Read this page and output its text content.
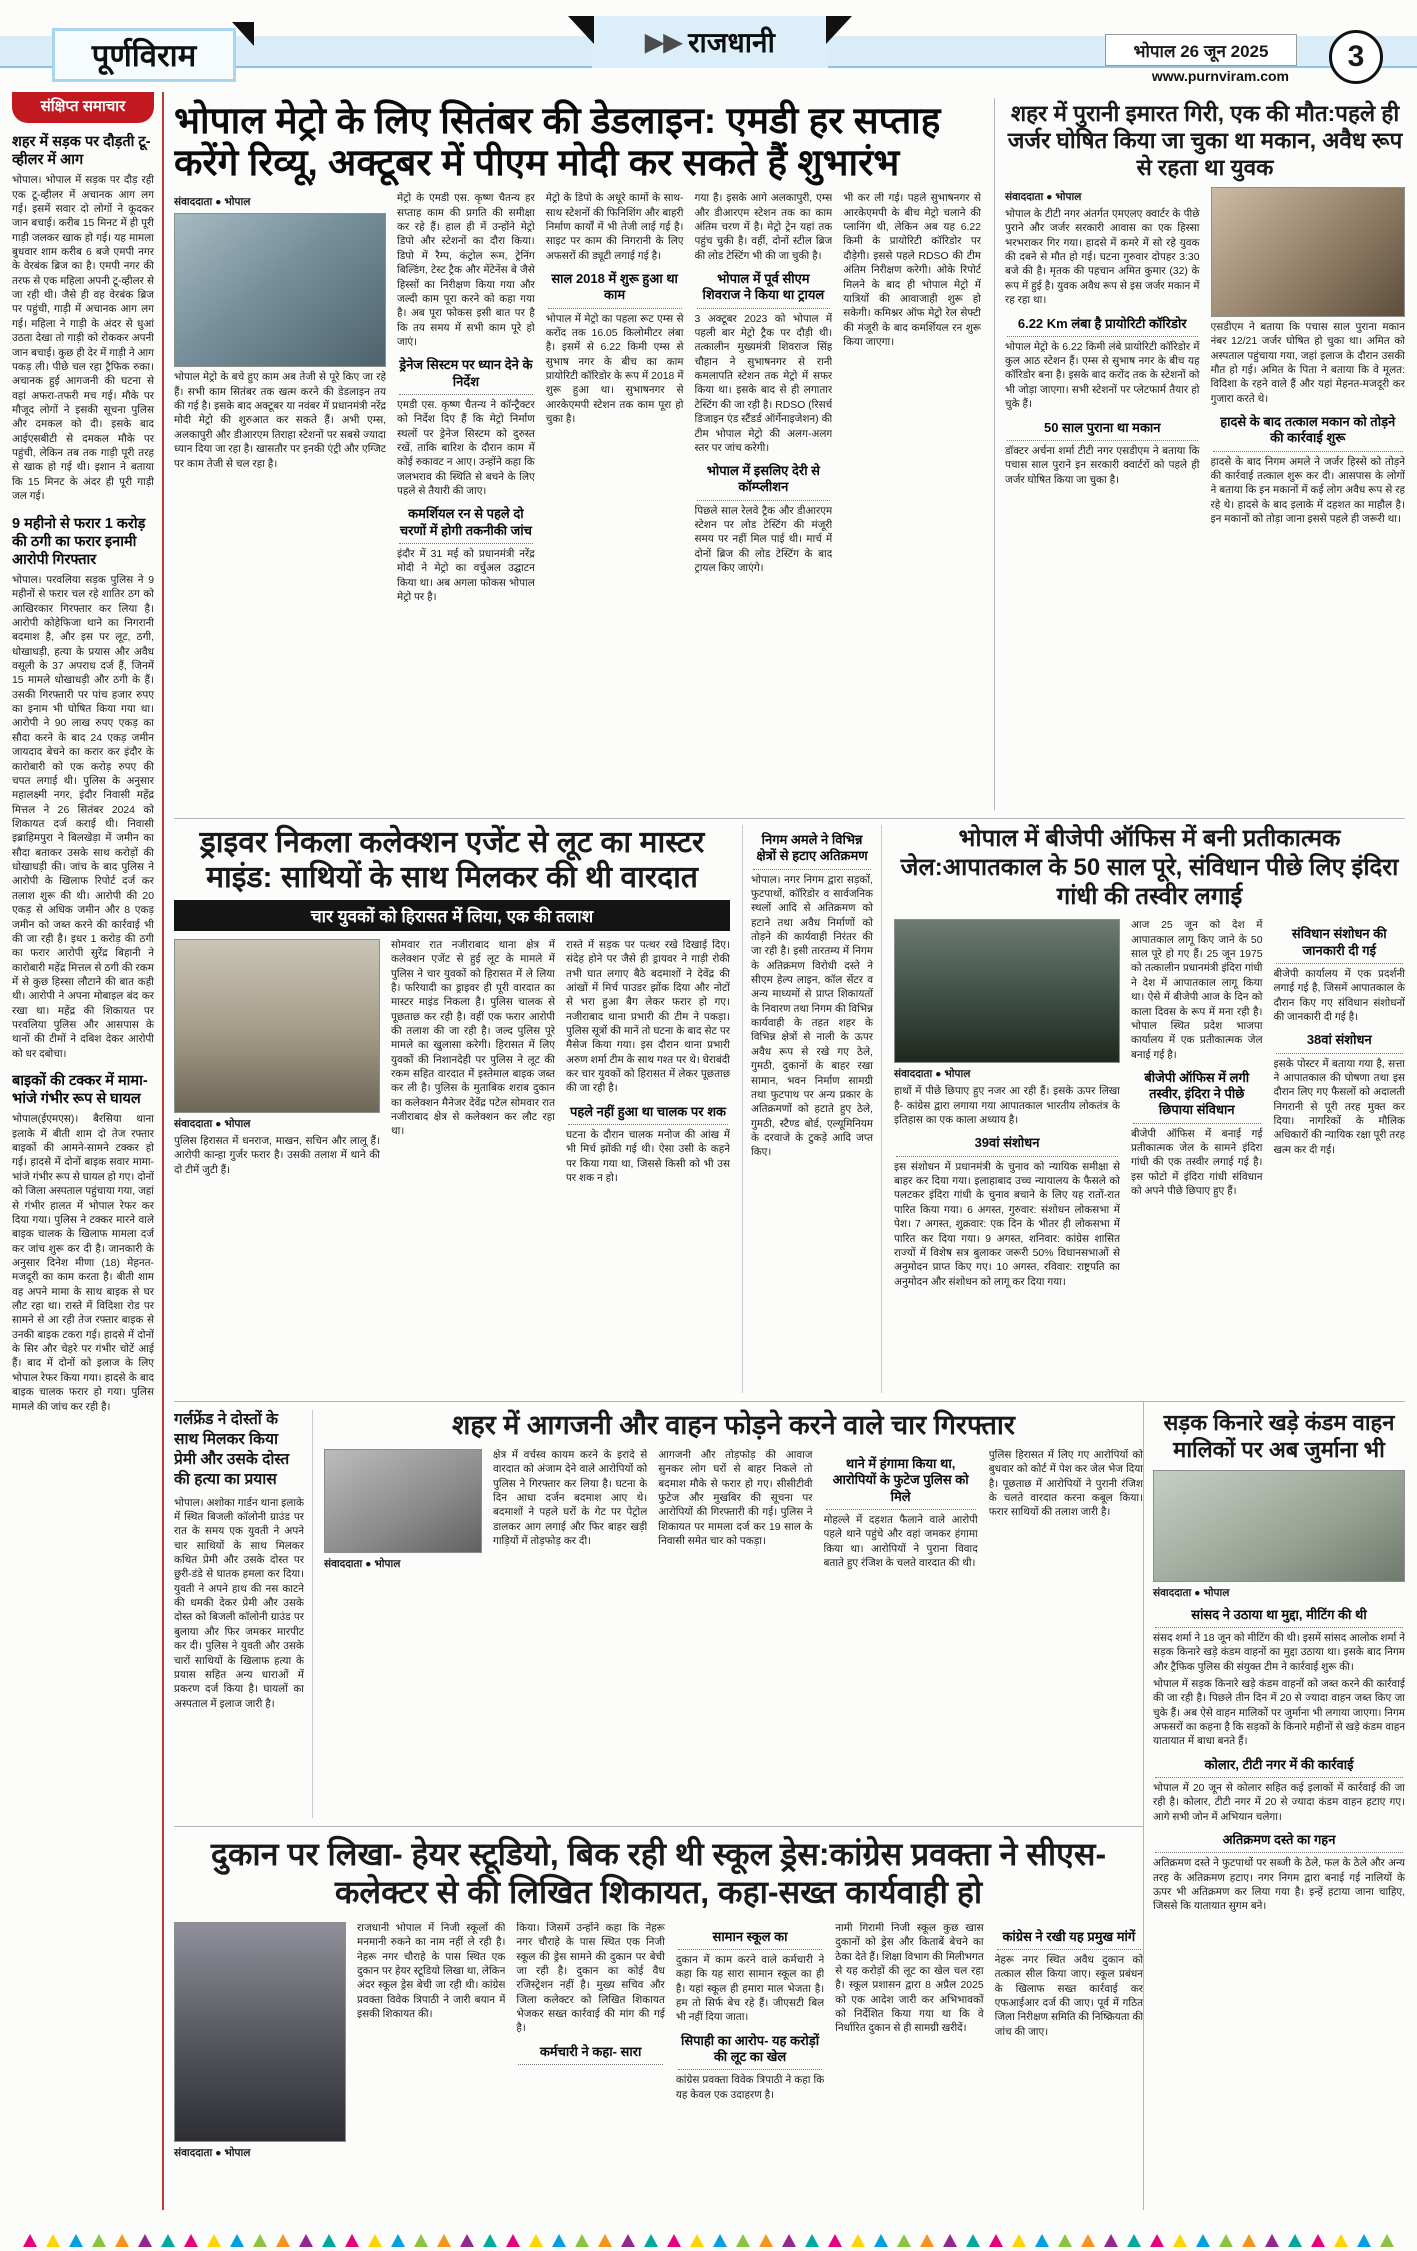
पूर्णविराम	▶▶ राजधानी	भोपाल 26 जून 2025
www.purnviram.com
3
संक्षिप्त समाचार
शहर में सड़क पर दौड़ती टू-व्हीलर में आग

भोपाल। भोपाल में सड़क पर दौड़ रही एक टू-व्हीलर में अचानक आग लग गई। इसमें सवार दो लोगों ने कूदकर जान बचाई। करीब 15 मिनट में ही पूरी गाड़ी जलकर खाक हो गई। यह मामला बुधवार शाम करीब 6 बजे एमपी नगर के वेरबंक ब्रिज का है। एमपी नगर की तरफ से एक महिला अपनी टू-व्हीलर से जा रही थी। जैसे ही वह वेरबंक ब्रिज पर पहुंची, गाड़ी में अचानक आग लग गई। महिला ने गाड़ी के अंदर से धुआं उठता देखा तो गाड़ी को रोककर अपनी जान बचाई। कुछ ही देर में गाड़ी ने आग पकड़ ली। पीछे चल रहा ट्रैफिक रुका। अचानक हुई आगजनी की घटना से वहां अफरा-तफरी मच गई। मौके पर मौजूद लोगों ने इसकी सूचना पुलिस और दमकल को दी। इसके बाद आईएसबीटी से दमकल मौके पर पहुंची, लेकिन तब तक गाड़ी पूरी तरह से खाक हो गई थी। इशान ने बताया कि 15 मिनट के अंदर ही पूरी गाड़ी जल गई।

9 महीनो से फरार 1 करोड़ की ठगी का फरार इनामी आरोपी गिरफ्तार

भोपाल। परवलिया सड़क पुलिस ने 9 महीनों से फरार चल रहे शातिर ठग को आखिरकार गिरफ्तार कर लिया है। आरोपी कोहेफिजा थाने का निगरानी बदमाश है, और इस पर लूट, ठगी, धोखाधड़ी, हत्या के प्रयास और अवैध वसूली के 37 अपराध दर्ज हैं, जिनमें 15 मामले धोखाधड़ी और ठगी के हैं। उसकी गिरफ्तारी पर पांच हजार रुपए का इनाम भी घोषित किया गया था। आरोपी ने 90 लाख रुपए एकड़ का सौदा करने के बाद 24 एकड़ जमीन जायदाद बेचने का करार कर इंदौर के कारोबारी को एक करोड़ रुपए की चपत लगाई थी। पुलिस के अनुसार महालक्ष्मी नगर, इंदौर निवासी महेंद्र मित्तल ने 26 सितंबर 2024 को शिकायत दर्ज कराई थी। निवासी इब्राहिमपुरा ने बिलखेड़ा में जमीन का सौदा बताकर उसके साथ करोड़ों की धोखाधड़ी की। जांच के बाद पुलिस ने आरोपी के खिलाफ रिपोर्ट दर्ज कर तलाश शुरू की थी। आरोपी की 20 एकड़ से अधिक जमीन और 8 एकड़ जमीन को जब्त करने की कार्रवाई भी की जा रही है। इधर 1 करोड़ की ठगी का फरार आरोपी सुरेंद्र बिहानी ने कारोबारी महेंद्र मित्तल से ठगी की रकम में से कुछ हिस्सा लौटाने की बात कही थी। आरोपी ने अपना मोबाइल बंद कर रखा था। महेंद्र की शिकायत पर परवलिया पुलिस और आसपास के थानों की टीमों ने दबिश देकर आरोपी को धर दबोचा।

बाइकों की टक्कर में मामा-भांजे गंभीर रूप से घायल

भोपाल(ईएमएस)। बैरसिया थाना इलाके में बीती शाम दो तेज रफ्तार बाइकों की आमने-सामने टक्कर हो गई। हादसे में दोनों बाइक सवार मामा-भांजे गंभीर रूप से घायल हो गए। दोनों को जिला अस्पताल पहुंचाया गया, जहां से गंभीर हालत में भोपाल रेफर कर दिया गया। पुलिस ने टक्कर मारने वाले बाइक चालक के खिलाफ मामला दर्ज कर जांच शुरू कर दी है। जानकारी के अनुसार दिनेश मीणा (18) मेहनत-मजदूरी का काम करता है। बीती शाम वह अपने मामा के साथ बाइक से घर लौट रहा था। रास्ते में विदिशा रोड पर सामने से आ रही तेज रफ्तार बाइक से उनकी बाइक टकरा गई। हादसे में दोनों के सिर और चेहरे पर गंभीर चोटें आई हैं। बाद में दोनों को इलाज के लिए भोपाल रेफर किया गया। हादसे के बाद बाइक चालक फरार हो गया। पुलिस मामले की जांच कर रही है।

भोपाल मेट्रो के लिए सितंबर की डेडलाइन: एमडी हर सप्ताह करेंगे रिव्यू, अक्टूबर में पीएम मोदी कर सकते हैं शुभारंभ
संवाददाता ● भोपाल

भोपाल मेट्रो के बचे हुए काम अब तेजी से पूरे किए जा रहे हैं। सभी काम सितंबर तक खत्म करने की डेडलाइन तय की गई है। इसके बाद अक्टूबर या नवंबर में प्रधानमंत्री नरेंद्र मोदी मेट्रो की शुरुआत कर सकते हैं। अभी एम्स, अलकापुरी और डीआरएम तिराहा स्टेशनों पर सबसे ज्यादा ध्यान दिया जा रहा है। खासतौर पर इनकी एंट्री और एग्जिट पर काम तेजी से चल रहा है।

मेट्रो के एमडी एस. कृष्ण चैतन्य हर सप्ताह काम की प्रगति की समीक्षा कर रहे हैं। हाल ही में उन्होंने मेट्रो डिपो और स्टेशनों का दौरा किया। डिपो में रैम्प, कंट्रोल रूम, ट्रेनिंग बिल्डिंग, टेस्ट ट्रैक और मेंटेनेंस बे जैसे हिस्सों का निरीक्षण किया गया और जल्दी काम पूरा करने को कहा गया है। अब पूरा फोकस इसी बात पर है कि तय समय में सभी काम पूरे हो जाएं।

ड्रेनेज सिस्टम पर ध्यान देने के निर्देश

एमडी एस. कृष्ण चैतन्य ने कॉन्ट्रैक्टर को निर्देश दिए हैं कि मेट्रो निर्माण स्थलों पर ड्रेनेज सिस्टम को दुरुस्त रखें, ताकि बारिश के दौरान काम में कोई रुकावट न आए। उन्होंने कहा कि जलभराव की स्थिति से बचने के लिए पहले से तैयारी की जाए।

कमर्शियल रन से पहले दो चरणों में होगी तकनीकी जांच

इंदौर में 31 मई को प्रधानमंत्री नरेंद्र मोदी ने मेट्रो का वर्चुअल उद्घाटन किया था। अब अगला फोकस भोपाल मेट्रो पर है।

मेट्रो के डिपो के अधूरे कामों के साथ-साथ स्टेशनों की फिनिशिंग और बाहरी निर्माण कार्यों में भी तेजी लाई गई है। साइट पर काम की निगरानी के लिए अफसरों की ड्यूटी लगाई गई है।

साल 2018 में शुरू हुआ था काम

भोपाल में मेट्रो का पहला रूट एम्स से करोंद तक 16.05 किलोमीटर लंबा है। इसमें से 6.22 किमी एम्स से सुभाष नगर के बीच का काम प्रायोरिटी कॉरिडोर के रूप में 2018 में शुरू हुआ था। सुभाषनगर से आरकेएमपी स्टेशन तक काम पूरा हो चुका है।

गया है। इसके आगे अलकापुरी, एम्स और डीआरएम स्टेशन तक का काम अंतिम चरण में है। मेट्रो ट्रेन यहां तक पहुंच चुकी है। वहीं, दोनों स्टील ब्रिज की लोड टेस्टिंग भी की जा चुकी है।

भोपाल में पूर्व सीएम शिवराज ने किया था ट्रायल

3 अक्टूबर 2023 को भोपाल में पहली बार मेट्रो ट्रैक पर दौड़ी थी। तत्कालीन मुख्यमंत्री शिवराज सिंह चौहान ने सुभाषनगर से रानी कमलापति स्टेशन तक मेट्रो में सफर किया था। इसके बाद से ही लगातार टेस्टिंग की जा रही है। RDSO (रिसर्च डिजाइन एंड स्टैंडर्ड ऑर्गेनाइजेशन) की टीम भोपाल मेट्रो की अलग-अलग स्तर पर जांच करेगी।

भोपाल में इसलिए देरी से कॉम्प्लीशन

पिछले साल रेलवे ट्रैक और डीआरएम स्टेशन पर लोड टेस्टिंग की मंजूरी समय पर नहीं मिल पाई थी। मार्च में दोनों ब्रिज की लोड टेस्टिंग के बाद ट्रायल किए जाएंगे।

भी कर ली गई। पहले सुभाषनगर से आरकेएमपी के बीच मेट्रो चलाने की प्लानिंग थी, लेकिन अब यह 6.22 किमी के प्रायोरिटी कॉरिडोर पर दौड़ेगी। इससे पहले RDSO की टीम अंतिम निरीक्षण करेगी। ओके रिपोर्ट मिलने के बाद ही भोपाल मेट्रो में यात्रियों की आवाजाही शुरू हो सकेगी। कमिश्नर ऑफ मेट्रो रेल सेफ्टी की मंजूरी के बाद कमर्शियल रन शुरू किया जाएगा।

शहर में पुरानी इमारत गिरी, एक की मौत:पहले ही जर्जर घोषित किया जा चुका था मकान, अवैध रूप से रहता था युवक
संवाददाता ● भोपाल

भोपाल के टीटी नगर अंतर्गत एमएलए क्वार्टर के पीछे पुराने और जर्जर सरकारी आवास का एक हिस्सा भरभराकर गिर गया। हादसे में कमरे में सो रहे युवक की दबने से मौत हो गई। घटना गुरुवार दोपहर 3:30 बजे की है। मृतक की पहचान अमित कुमार (32) के रूप में हुई है। युवक अवैध रूप से इस जर्जर मकान में रह रहा था।

6.22 Km लंबा है प्रायोरिटी कॉरिडोर

भोपाल मेट्रो के 6.22 किमी लंबे प्रायोरिटी कॉरिडोर में कुल आठ स्टेशन हैं। एम्स से सुभाष नगर के बीच यह कॉरिडोर बना है। इसके बाद करोंद तक के स्टेशनों को भी जोड़ा जाएगा। सभी स्टेशनों पर प्लेटफार्म तैयार हो चुके हैं।

50 साल पुराना था मकान

डॉक्टर अर्चना शर्मा टीटी नगर एसडीएम ने बताया कि पचास साल पुराने इन सरकारी क्वार्टरों को पहले ही जर्जर घोषित किया जा चुका है।

एसडीएम ने बताया कि पचास साल पुराना मकान नंबर 12/21 जर्जर घोषित हो चुका था। अमित को अस्पताल पहुंचाया गया, जहां इलाज के दौरान उसकी मौत हो गई। अमित के पिता ने बताया कि वे मूलत: विदिशा के रहने वाले हैं और यहां मेहनत-मजदूरी कर गुजारा करते थे।

हादसे के बाद तत्काल मकान को तोड़ने की कार्रवाई शुरू

हादसे के बाद निगम अमले ने जर्जर हिस्से को तोड़ने की कार्रवाई तत्काल शुरू कर दी। आसपास के लोगों ने बताया कि इन मकानों में कई लोग अवैध रूप से रह रहे थे। हादसे के बाद इलाके में दहशत का माहौल है। इन मकानों को तोड़ा जाना इससे पहले ही जरूरी था।

ड्राइवर निकला कलेक्शन एजेंट से लूट का मास्टर माइंड: साथियों के साथ मिलकर की थी वारदात
चार युवकों को हिरासत में लिया, एक की तलाश
संवाददाता ● भोपाल

पुलिस हिरासत में धनराज, माखन, सचिन और लालू हैं। आरोपी कान्हा गुर्जर फरार है। उसकी तलाश में थाने की दो टीमें जुटी हैं।

सोमवार रात नजीराबाद थाना क्षेत्र में कलेक्शन एजेंट से हुई लूट के मामले में पुलिस ने चार युवकों को हिरासत में ले लिया है। फरियादी का ड्राइवर ही पूरी वारदात का मास्टर माइंड निकला है। पुलिस चालक से पूछताछ कर रही है। वहीं एक फरार आरोपी की तलाश की जा रही है। जल्द पुलिस पूरे मामले का खुलासा करेगी। हिरासत में लिए युवकों की निशानदेही पर पुलिस ने लूट की रकम सहित वारदात में इस्तेमाल बाइक जब्त कर ली है। पुलिस के मुताबिक शराब दुकान का कलेक्शन मैनेजर देवेंद्र पटेल सोमवार रात नजीराबाद क्षेत्र से कलेक्शन कर लौट रहा था।

रास्ते में सड़क पर पत्थर रखे दिखाई दिए। संदेह होने पर जैसे ही ड्रायवर ने गाड़ी रोकी तभी घात लगाए बैठे बदमाशों ने देवेंद्र की आंखों में मिर्च पाउडर झोंक दिया और नोटों से भरा हुआ बैग लेकर फरार हो गए। नजीराबाद थाना प्रभारी की टीम ने पकड़ा। पुलिस सूत्रों की मानें तो घटना के बाद सेट पर मैसेज किया गया। इस दौरान थाना प्रभारी अरुण शर्मा टीम के साथ गश्त पर थे। घेराबंदी कर चार युवकों को हिरासत में लेकर पूछताछ की जा रही है।

पहले नहीं हुआ था चालक पर शक

घटना के दौरान चालक मनोज की आंख में भी मिर्च झोंकी गई थी। ऐसा उसी के कहने पर किया गया था, जिससे किसी को भी उस पर शक न हो।

निगम अमले ने विभिन्न क्षेत्रों से हटाए अतिक्रमण

भोपाल। नगर निगम द्वारा सड़कों, फुटपाथों, कॉरिडोर व सार्वजनिक स्थलों आदि से अतिक्रमण को हटाने तथा अवैध निर्माणों को तोड़ने की कार्यवाही निरंतर की जा रही है। इसी तारतम्य में निगम के अतिक्रमण विरोधी दस्ते ने सीएम हेल्प लाइन, कॉल सेंटर व अन्य माध्यमों से प्राप्त शिकायतों के निवारण तथा निगम की विभिन्न कार्यवाही के तहत शहर के विभिन्न क्षेत्रों से नाली के ऊपर अवैध रूप से रखे गए ठेले, गुमठी, दुकानों के बाहर रखा सामान, भवन निर्माण सामग्री तथा फुटपाथ पर अन्य प्रकार के अतिक्रमणों को हटाते हुए ठेले, गुमठी, स्टैण्ड बोर्ड, एल्यूमिनियम के दरवाजे के टुकड़े आदि जप्त किए।

भोपाल में बीजेपी ऑफिस में बनी प्रतीकात्मक जेल:आपातकाल के 50 साल पूरे, संविधान पीछे लिए इंदिरा गांधी की तस्वीर लगाई
संवाददाता ● भोपाल

हाथों में पीछे छिपाए हुए नजर आ रही हैं। इसके ऊपर लिखा है- कांग्रेस द्वारा लगाया गया आपातकाल भारतीय लोकतंत्र के इतिहास का एक काला अध्याय है।

39वां संशोधन

इस संशोधन में प्रधानमंत्री के चुनाव को न्यायिक समीक्षा से बाहर कर दिया गया। इलाहाबाद उच्च न्यायालय के फैसले को पलटकर इंदिरा गांधी के चुनाव बचाने के लिए यह रातों-रात पारित किया गया। 6 अगस्त, गुरुवार: संशोधन लोकसभा में पेश। 7 अगस्त, शुक्रवार: एक दिन के भीतर ही लोकसभा में पारित कर दिया गया। 9 अगस्त, शनिवार: कांग्रेस शासित राज्यों में विशेष सत्र बुलाकर जरूरी 50% विधानसभाओं से अनुमोदन प्राप्त किए गए। 10 अगस्त, रविवार: राष्ट्रपति का अनुमोदन और संशोधन को लागू कर दिया गया।

आज 25 जून को देश में आपातकाल लागू किए जाने के 50 साल पूरे हो गए हैं। 25 जून 1975 को तत्कालीन प्रधानमंत्री इंदिरा गांधी ने देश में आपातकाल लागू किया था। ऐसे में बीजेपी आज के दिन को काला दिवस के रूप में मना रही है। भोपाल स्थित प्रदेश भाजपा कार्यालय में एक प्रतीकात्मक जेल बनाई गई है।

बीजेपी ऑफिस में लगी तस्वीर, इंदिरा ने पीछे छिपाया संविधान

बीजेपी ऑफिस में बनाई गई प्रतीकात्मक जेल के सामने इंदिरा गांधी की एक तस्वीर लगाई गई है। इस फोटो में इंदिरा गांधी संविधान को अपने पीछे छिपाए हुए हैं।

संविधान संशोधन की जानकारी दी गई

बीजेपी कार्यालय में एक प्रदर्शनी लगाई गई है, जिसमें आपातकाल के दौरान किए गए संविधान संशोधनों की जानकारी दी गई है।

38वां संशोधन

इसके पोस्टर में बताया गया है, सत्ता ने आपातकाल की घोषणा तथा इस दौरान लिए गए फैसलों को अदालती निगरानी से पूरी तरह मुक्त कर दिया। नागरिकों के मौलिक अधिकारों की न्यायिक रक्षा पूरी तरह खत्म कर दी गई।

गर्लफ्रेंड ने दोस्तों के साथ मिलकर किया प्रेमी और उसके दोस्त की हत्या का प्रयास

भोपाल। अशोका गार्डन थाना इलाके में स्थित बिजली कॉलोनी ग्राउंड पर रात के समय एक युवती ने अपने चार साथियों के साथ मिलकर कथित प्रेमी और उसके दोस्त पर छुरी-डंडे से घातक हमला कर दिया। युवती ने अपने हाथ की नस काटने की धमकी देकर प्रेमी और उसके दोस्त को बिजली कॉलोनी ग्राउंड पर बुलाया और फिर जमकर मारपीट कर दी। पुलिस ने युवती और उसके चारों साथियों के खिलाफ हत्या के प्रयास सहित अन्य धाराओं में प्रकरण दर्ज किया है। घायलों का अस्पताल में इलाज जारी है।

शहर में आगजनी और वाहन फोड़ने करने वाले चार गिरफ्तार
संवाददाता ● भोपाल

क्षेत्र में वर्चस्व कायम करने के इरादे से वारदात को अंजाम देने वाले आरोपियों को पुलिस ने गिरफ्तार कर लिया है। घटना के दिन आधा दर्जन बदमाश आए थे। बदमाशों ने पहले घरों के गेट पर पेट्रोल डालकर आग लगाई और फिर बाहर खड़ी गाड़ियों में तोड़फोड़ कर दी।

आगजनी और तोड़फोड़ की आवाज सुनकर लोग घरों से बाहर निकले तो बदमाश मौके से फरार हो गए। सीसीटीवी फुटेज और मुखबिर की सूचना पर आरोपियों की गिरफ्तारी की गई। पुलिस ने शिकायत पर मामला दर्ज कर 19 साल के निवासी समेत चार को पकड़ा।

थाने में हंगामा किया था, आरोपियों के फुटेज पुलिस को मिले

मोहल्ले में दहशत फैलाने वाले आरोपी पहले थाने पहुंचे और वहां जमकर हंगामा किया था। आरोपियों ने पुराना विवाद बताते हुए रंजिश के चलते वारदात की थी।

पुलिस हिरासत में लिए गए आरोपियों को बुधवार को कोर्ट में पेश कर जेल भेज दिया है। पूछताछ में आरोपियों ने पुरानी रंजिश के चलते वारदात करना कबूल किया। फरार साथियों की तलाश जारी है।

दुकान पर लिखा- हेयर स्टूडियो, बिक रही थी स्कूल ड्रेस:कांग्रेस प्रवक्ता ने सीएस-कलेक्टर से की लिखित शिकायत, कहा-सख्त कार्यवाही हो
संवाददाता ● भोपाल

राजधानी भोपाल में निजी स्कूलों की मनमानी रुकने का नाम नहीं ले रही है। नेहरू नगर चौराहे के पास स्थित एक दुकान पर हेयर स्टूडियो लिखा था, लेकिन अंदर स्कूल ड्रेस बेची जा रही थी। कांग्रेस प्रवक्ता विवेक त्रिपाठी ने जारी बयान में इसकी शिकायत की।

किया। जिसमें उन्होंने कहा कि नेहरू नगर चौराहे के पास स्थित एक निजी स्कूल की ड्रेस सामने की दुकान पर बेची जा रही है। दुकान का कोई वैध रजिस्ट्रेशन नहीं है। मुख्य सचिव और जिला कलेक्टर को लिखित शिकायत भेजकर सख्त कार्रवाई की मांग की गई है।

कर्मचारी ने कहा- सारा
सामान स्कूल का

दुकान में काम करने वाले कर्मचारी ने कहा कि यह सारा सामान स्कूल का ही है। यहां स्कूल ही हमारा माल भेजता है। हम तो सिर्फ बेच रहे हैं। जीएसटी बिल भी नहीं दिया जाता।

सिपाही का आरोप- यह करोड़ों की लूट का खेल

कांग्रेस प्रवक्ता विवेक त्रिपाठी ने कहा कि यह केवल एक उदाहरण है।

नामी गिरामी निजी स्कूल कुछ खास दुकानों को ड्रेस और किताबें बेचने का ठेका देते हैं। शिक्षा विभाग की मिलीभगत से यह करोड़ों की लूट का खेल चल रहा है। स्कूल प्रशासन द्वारा 8 अप्रैल 2025 को एक आदेश जारी कर अभिभावकों को निर्देशित किया गया था कि वे निर्धारित दुकान से ही सामग्री खरीदें।

कांग्रेस ने रखी यह प्रमुख मांगें

नेहरू नगर स्थित अवैध दुकान को तत्काल सील किया जाए। स्कूल प्रबंधन के खिलाफ सख्त कार्रवाई कर एफआईआर दर्ज की जाए। पूर्व में गठित जिला निरीक्षण समिति की निष्क्रियता की जांच की जाए।

सड़क किनारे खड़े कंडम वाहन मालिकों पर अब जुर्माना भी
संवाददाता ● भोपाल
सांसद ने उठाया था मुद्दा, मीटिंग की थी

संसद शर्मा ने 18 जून को मीटिंग की थी। इसमें सांसद आलोक शर्मा ने सड़क किनारे खड़े कंडम वाहनों का मुद्दा उठाया था। इसके बाद निगम और ट्रैफिक पुलिस की संयुक्त टीम ने कार्रवाई शुरू की।

भोपाल में सड़क किनारे खड़े कंडम वाहनों को जब्त करने की कार्रवाई की जा रही है। पिछले तीन दिन में 20 से ज्यादा वाहन जब्त किए जा चुके हैं। अब ऐसे वाहन मालिकों पर जुर्माना भी लगाया जाएगा। निगम अफसरों का कहना है कि सड़कों के किनारे महीनों से खड़े कंडम वाहन यातायात में बाधा बनते हैं।

कोलार, टीटी नगर में की कार्रवाई

भोपाल में 20 जून से कोलार सहित कई इलाकों में कार्रवाई की जा रही है। कोलार, टीटी नगर में 20 से ज्यादा कंडम वाहन हटाए गए। आगे सभी जोन में अभियान चलेगा।

अतिक्रमण दस्ते का गहन

अतिक्रमण दस्ते ने फुटपाथों पर सब्जी के ठेले, फल के ठेले और अन्य तरह के अतिक्रमण हटाए। नगर निगम द्वारा बनाई गई नालियों के ऊपर भी अतिक्रमण कर लिया गया है। इन्हें हटाया जाना चाहिए, जिससे कि यातायात सुगम बने।
